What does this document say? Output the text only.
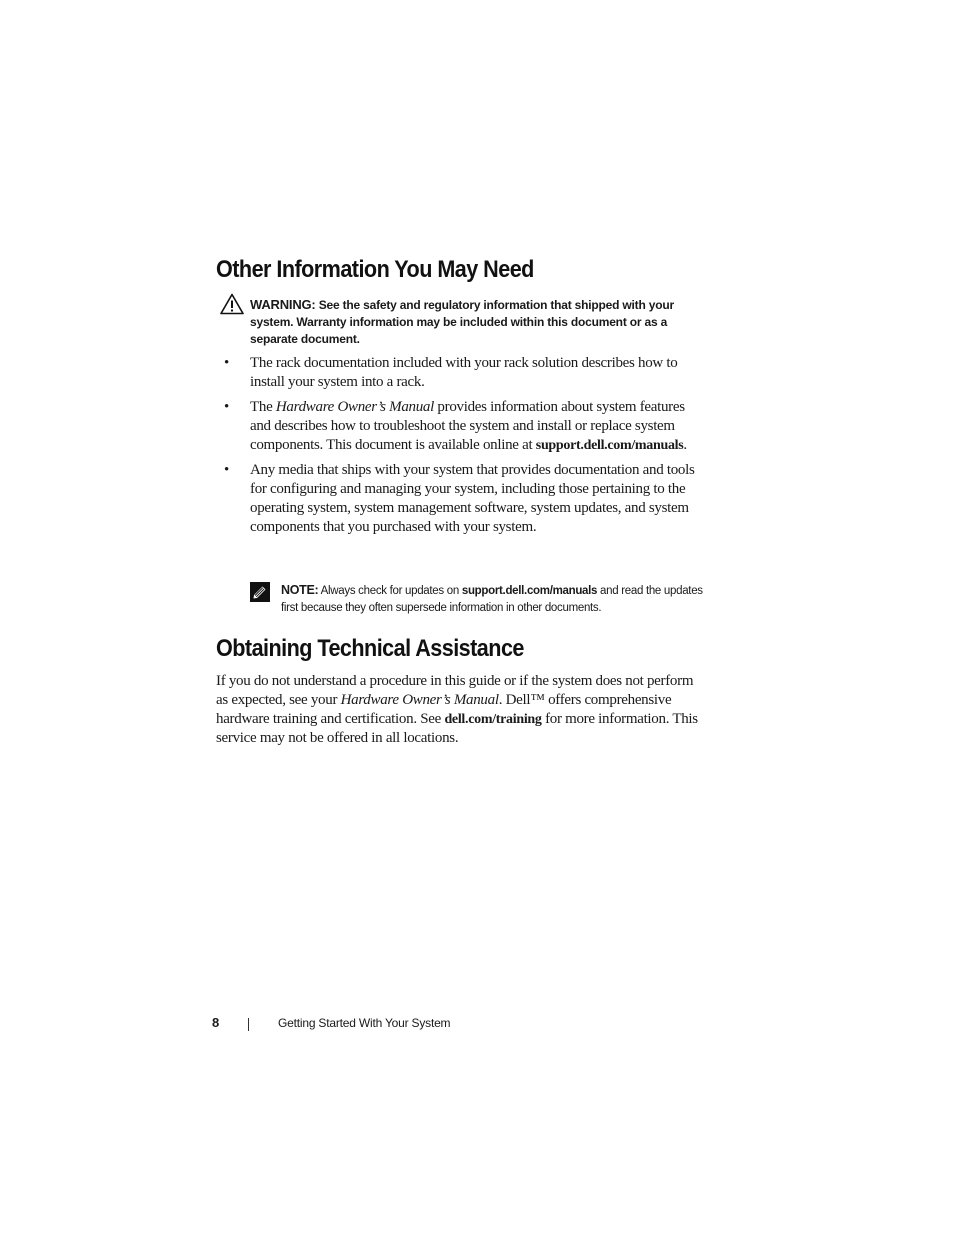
Other Information You May Need
WARNING: See the safety and regulatory information that shipped with your system. Warranty information may be included within this document or as a separate document.
• The rack documentation included with your rack solution describes how to install your system into a rack.
• The Hardware Owner’s Manual provides information about system features and describes how to troubleshoot the system and install or replace system components. This document is available online at support.dell.com/manuals.
• Any media that ships with your system that provides documentation and tools for configuring and managing your system, including those pertaining to the operating system, system management software, system updates, and system components that you purchased with your system.
NOTE: Always check for updates on support.dell.com/manuals and read the updates first because they often supersede information in other documents.
Obtaining Technical Assistance

If you do not understand a procedure in this guide or if the system does not perform as expected, see your Hardware Owner’s Manual. Dell™ offers comprehensive hardware training and certification. See dell.com/training for more information. This service may not be offered in all locations.

8	Getting Started With Your System
